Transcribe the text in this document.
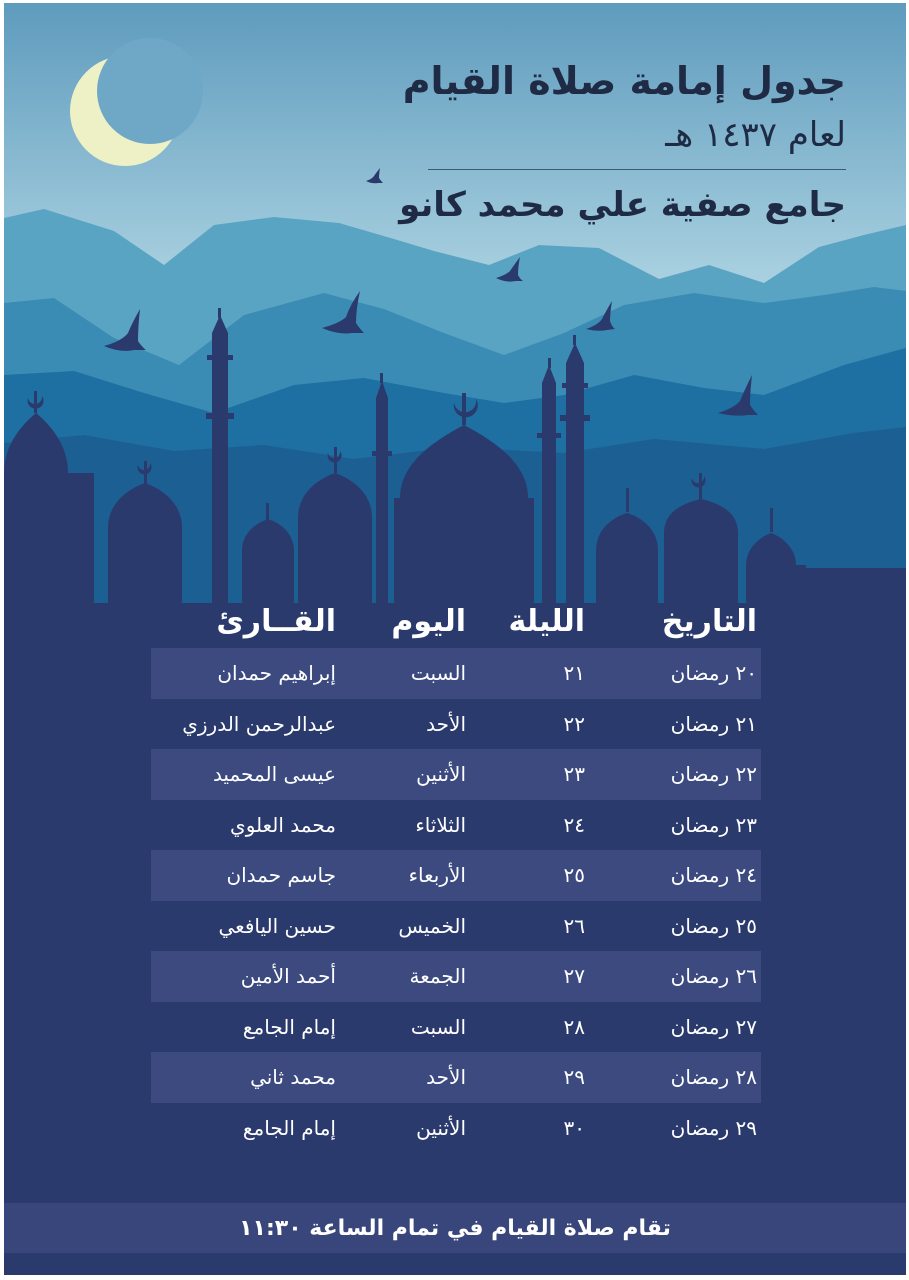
جدول إمامة صلاة القيام
لعام ١٤٣٧ هـ
جامع صفية علي محمد كانو
التاريخ
الليلة
اليوم
القــارئ
٢٠ رمضان
٢١
السبت
إبراهيم حمدان
٢١ رمضان
٢٢
الأحد
عبدالرحمن الدرزي
٢٢ رمضان
٢٣
الأثنين
عيسى المحميد
٢٣ رمضان
٢٤
الثلاثاء
محمد العلوي
٢٤ رمضان
٢٥
الأربعاء
جاسم حمدان
٢٥ رمضان
٢٦
الخميس
حسين اليافعي
٢٦ رمضان
٢٧
الجمعة
أحمد الأمين
٢٧ رمضان
٢٨
السبت
إمام الجامع
٢٨ رمضان
٢٩
الأحد
محمد ثاني
٢٩ رمضان
٣٠
الأثنين
إمام الجامع
تقام صلاة القيام في تمام الساعة ١١:٣٠
